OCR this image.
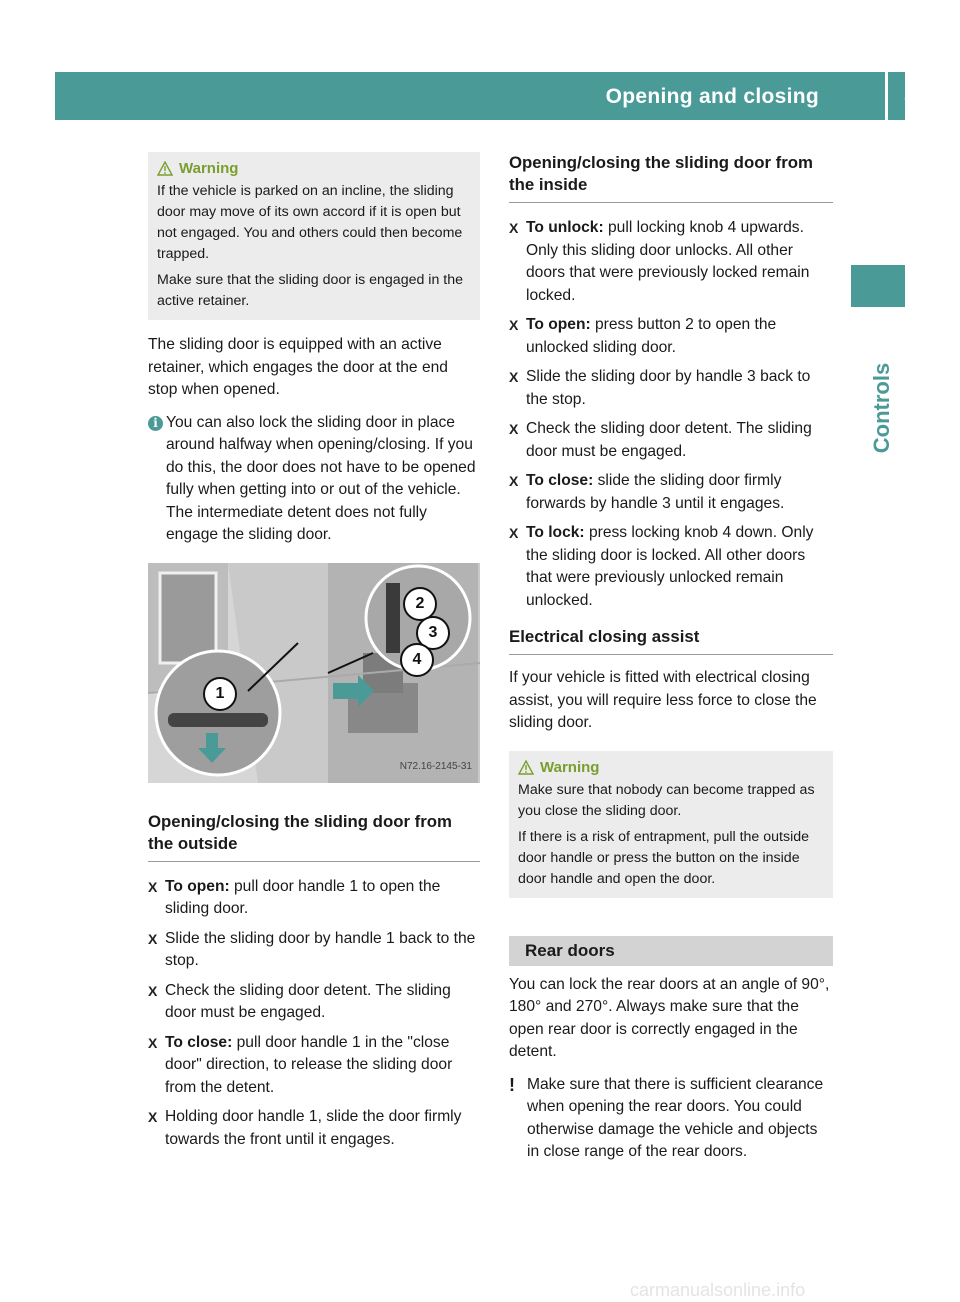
Opening and closing	57
Controls
Warning

If the vehicle is parked on an incline, the sliding door may move of its own accord if it is open but not engaged. You and others could then become trapped.

Make sure that the sliding door is engaged in the active retainer.

The sliding door is equipped with an active retainer, which engages the door at the end stop when opened.

i You can also lock the sliding door in place around halfway when opening/closing. If you do this, the door does not have to be opened fully when getting into or out of the vehicle. The intermediate detent does not fully engage the sliding door.
1
2
3
4
N72.16-2145-31
Opening/closing the sliding door from the outside
X To open: pull door handle 1 to open the sliding door.
X Slide the sliding door by handle 1 back to the stop.
X Check the sliding door detent. The sliding door must be engaged.
X To close: pull door handle 1 in the "close door" direction, to release the sliding door from the detent.
X Holding door handle 1, slide the door firmly towards the front until it engages.
Opening/closing the sliding door from the inside
X To unlock: pull locking knob 4 upwards. Only this sliding door unlocks. All other doors that were previously locked remain locked.
X To open: press button 2 to open the unlocked sliding door.
X Slide the sliding door by handle 3 back to the stop.
X Check the sliding door detent. The sliding door must be engaged.
X To close: slide the sliding door firmly forwards by handle 3 until it engages.
X To lock: press locking knob 4 down. Only the sliding door is locked. All other doors that were previously unlocked remain unlocked.
Electrical closing assist

If your vehicle is fitted with electrical closing assist, you will require less force to close the sliding door.

Warning

Make sure that nobody can become trapped as you close the sliding door.

If there is a risk of entrapment, pull the outside door handle or press the button on the inside door handle and open the door.

Rear doors

You can lock the rear doors at an angle of 90°, 180° and 270°. Always make sure that the open rear door is correctly engaged in the detent.

! Make sure that there is sufficient clearance when opening the rear doors. You could otherwise damage the vehicle and objects in close range of the rear doors.
carmanualsonline.info
